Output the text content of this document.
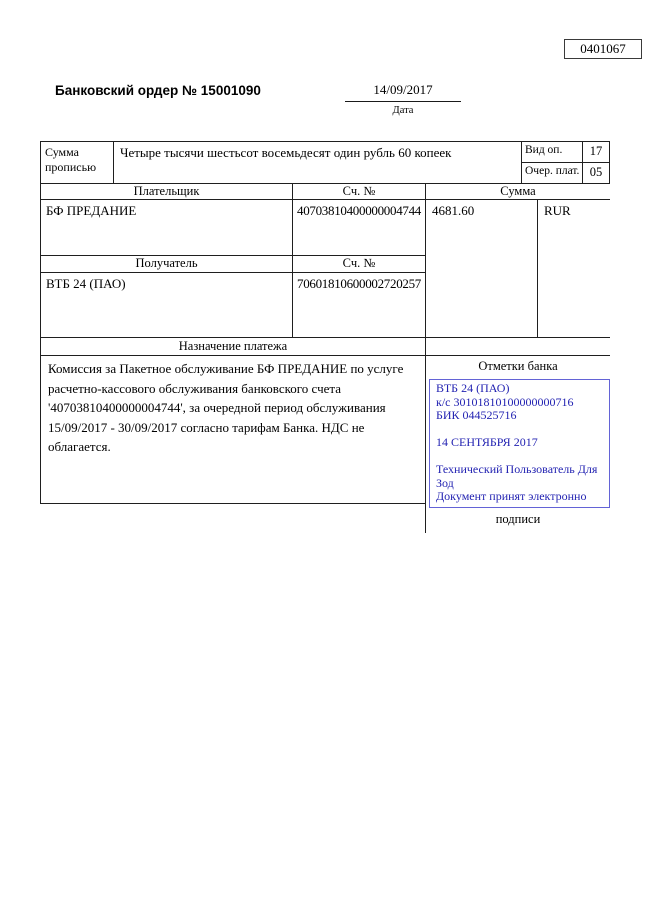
0401067
Банковский ордер № 15001090	14/09/2017
Дата
Сумма прописью
Четыре тысячи шестьсот восемьдесят один рубль 60 копеек	Вид оп.	17
Очер. плат. 05
Плательщик	Сч. №	Сумма
БФ ПРЕДАНИЕ	40703810400000004744
Получатель	Сч. №
ВТБ 24 (ПАО)	70601810600002720257
4681.60	RUR
Назначение платежа
Комиссия за Пакетное обслуживание БФ ПРЕДАНИЕ по услуге расчетно-кассового обслуживания банковского счета '40703810400000004744', за очередной период обслуживания 15/09/2017 - 30/09/2017 согласно тарифам Банка. НДС не облагается.
Отметки банка
ВТБ 24 (ПАО)
к/с 30101810100000000716
БИК 044525716
14 СЕНТЯБРЯ 2017
Технический Пользователь Для
Зод
Документ принят электронно
подписи
